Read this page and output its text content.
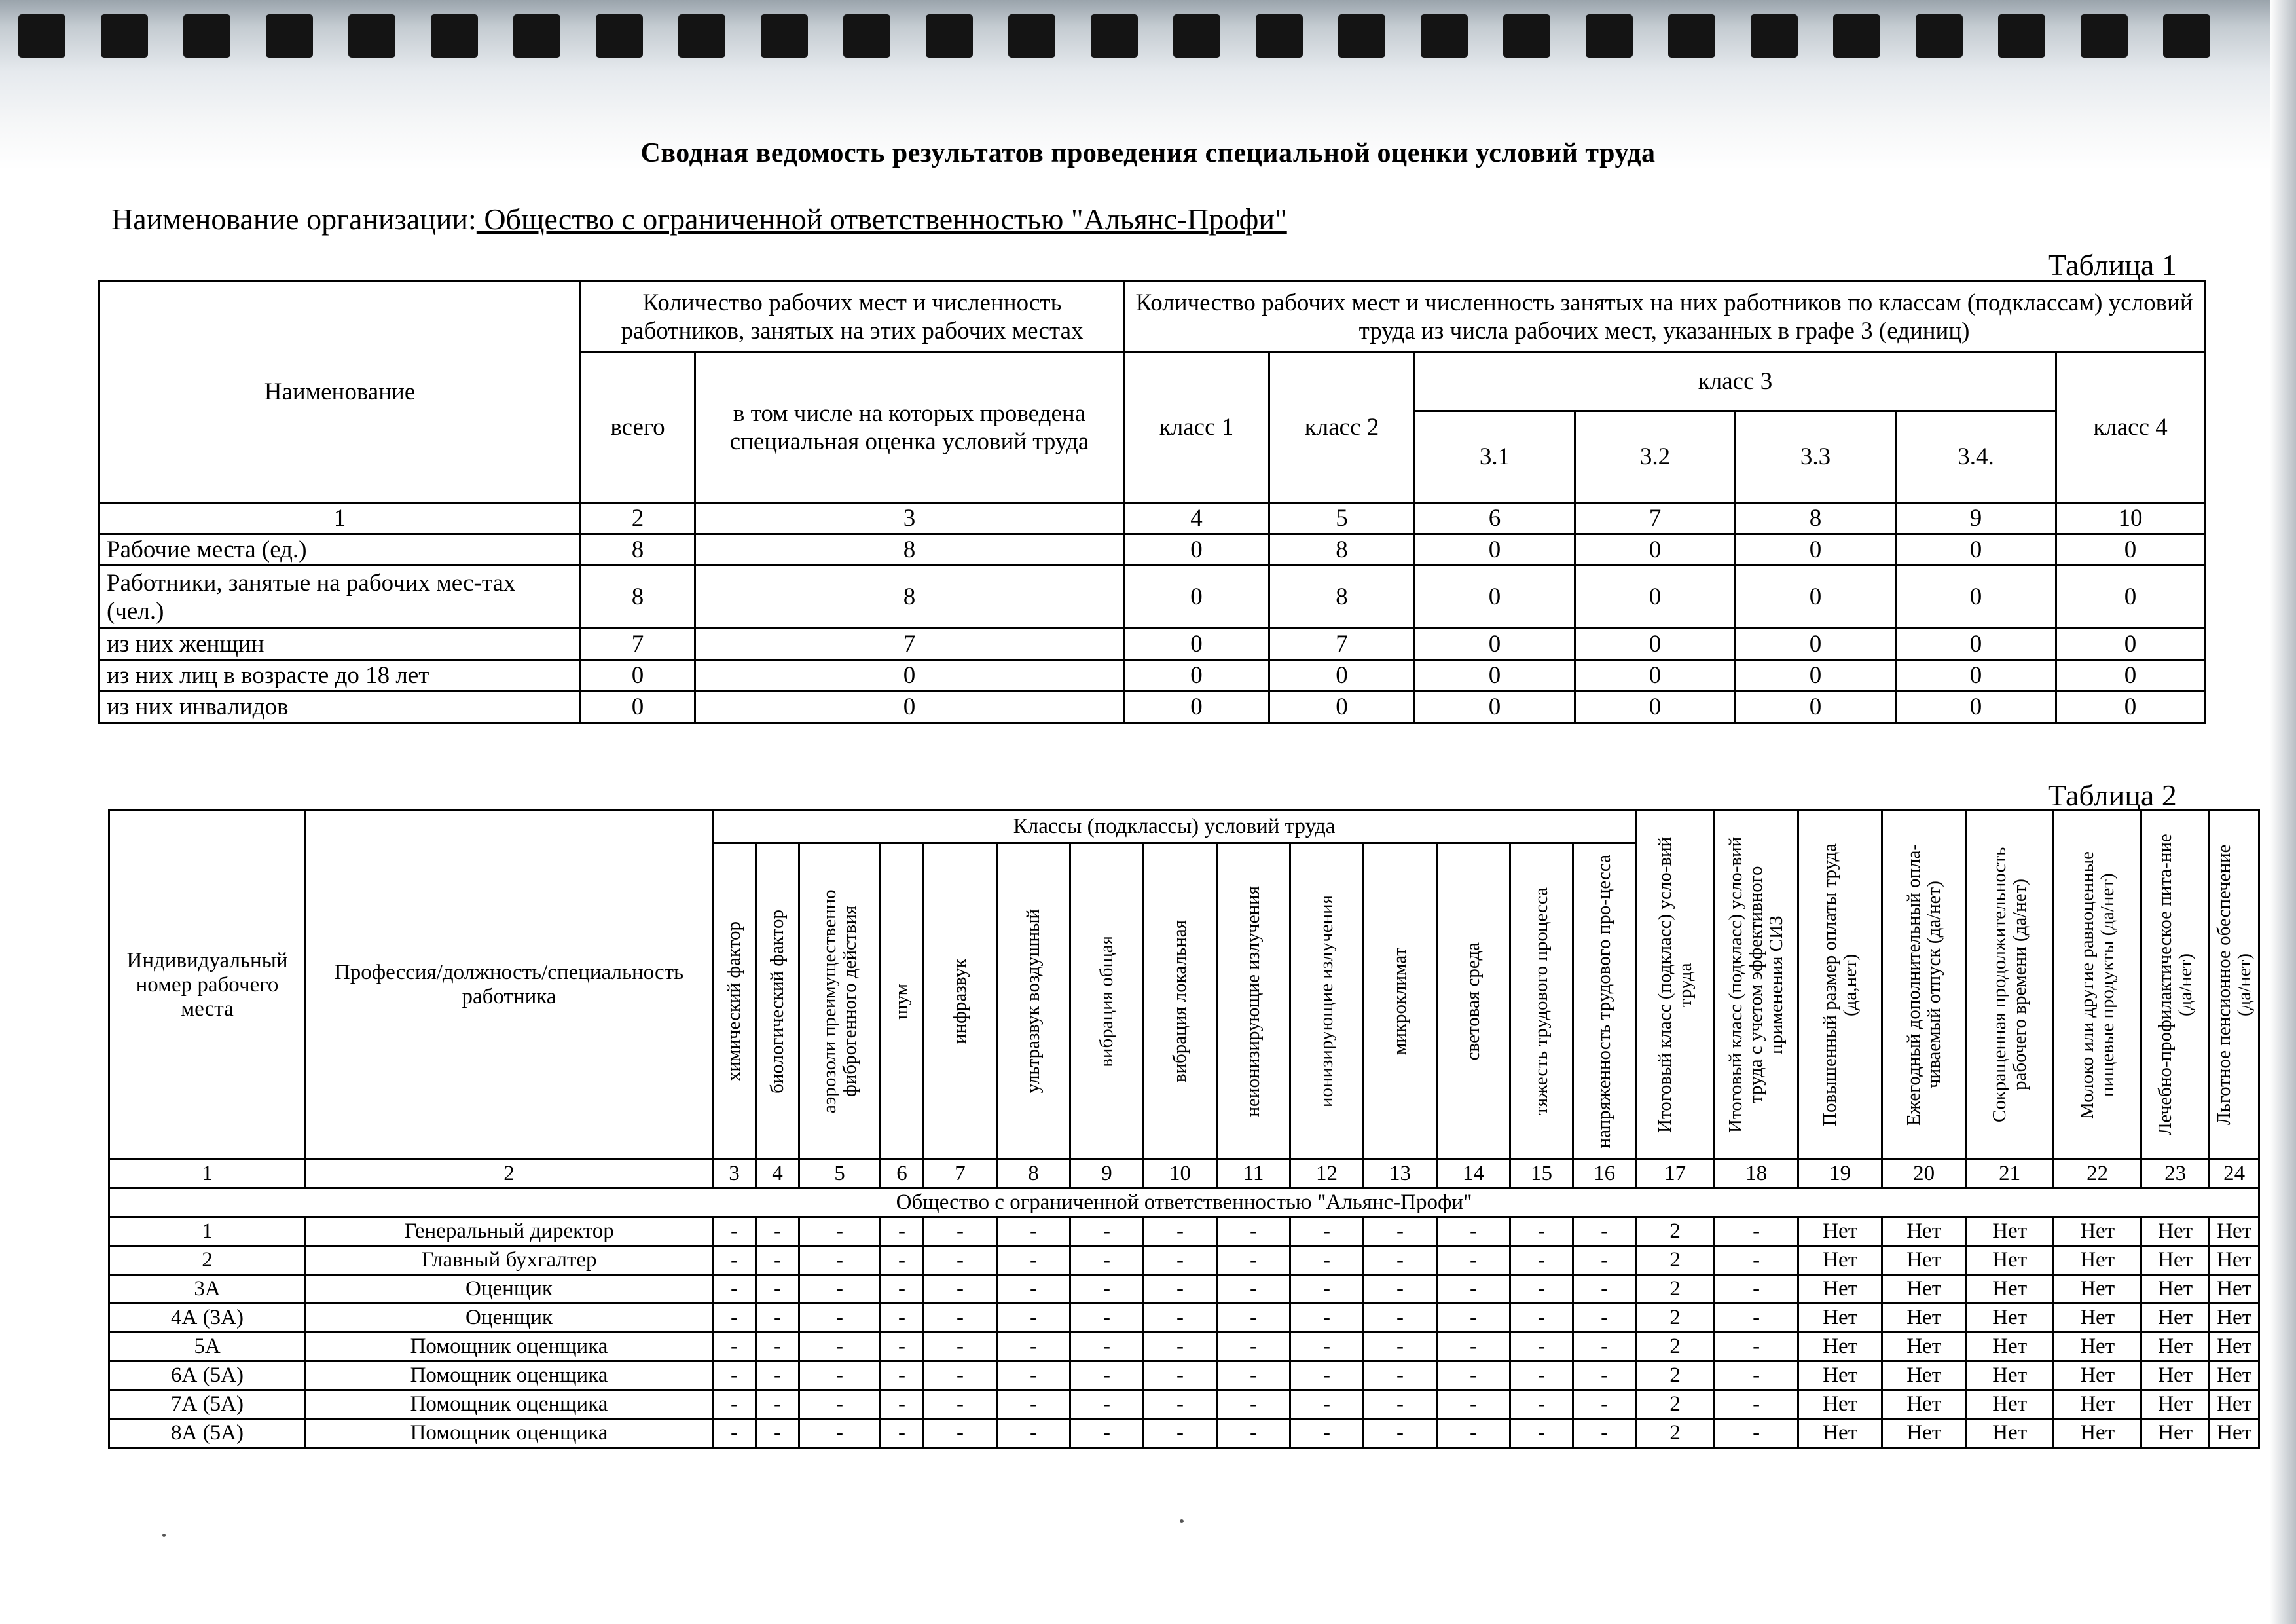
Сводная ведомость результатов проведения специальной оценки условий труда
Наименование организации: Общество с ограниченной ответственностью "Альянс-Профи"
Таблица 1
Наименование	Количество рабочих мест и численность работников, занятых на этих рабочих местах		Количество рабочих мест и численность занятых на них работников по классам (подклассам) условий труда из числа рабочих мест, указанных в графе 3 (единиц)						
	всего	в том числе на которых проведена специальная оценка условий труда	класс 1	класс 2	класс 3				класс 4
					3.1	3.2	3.3	3.4.	
1	2	3	4	5	6	7	8	9	10
Рабочие места (ед.)	8	8	0	8	0	0	0	0	0
Работники, занятые на рабочих мес-тах (чел.)	8	8	0	8	0	0	0	0	0
из них женщин	7	7	0	7	0	0	0	0	0
из них лиц в возрасте до 18 лет	0	0	0	0	0	0	0	0	0
из них инвалидов	0	0	0	0	0	0	0	0	0
Таблица 2
Индивидуальный номер рабочего места	Профессия/должность/специальность работника	Классы (подклассы) условий труда														Итоговый класс (подкласс) усло-вий труда	Итоговый класс (подкласс) усло-вий труда с учетом эффективного применения СИЗ	Повышенный размер оплаты труда (да,нет)	Ежегодный дополнительный опла-чиваемый отпуск (да/нет)	Сокращенная продолжительность рабочего времени (да/нет)	Молоко или другие равноценные пищевые продукты (да/нет)	Лечебно-профилактическое пита-ние (да/нет)	Льготное пенсионное обеспечение (да/нет)

		химический фактор	биологический фактор	аэрозоли преимущественно фиброгенного действия	шум	инфразвук	ультразвук воздушный	вибрация общая	вибрация локальная	неионизирующие излучения	ионизирующие излучения	микроклимат	световая среда	тяжесть трудового процесса	напряженность трудового про-цесса								

1	2	3	4	5	6	7	8	9	10	11	12	13	14	15	16	17	18	19	20	21	22	23	24
Общество с ограниченной ответственностью "Альянс-Профи"																							
1	Генеральный директор	-	-	-	-	-	-	-	-	-	-	-	-	-	-	2	-	Нет	Нет	Нет	Нет	Нет	Нет
2	Главный бухгалтер	-	-	-	-	-	-	-	-	-	-	-	-	-	-	2	-	Нет	Нет	Нет	Нет	Нет	Нет
3А	Оценщик	-	-	-	-	-	-	-	-	-	-	-	-	-	-	2	-	Нет	Нет	Нет	Нет	Нет	Нет
4А (3А)	Оценщик	-	-	-	-	-	-	-	-	-	-	-	-	-	-	2	-	Нет	Нет	Нет	Нет	Нет	Нет
5А	Помощник оценщика	-	-	-	-	-	-	-	-	-	-	-	-	-	-	2	-	Нет	Нет	Нет	Нет	Нет	Нет
6А (5А)	Помощник оценщика	-	-	-	-	-	-	-	-	-	-	-	-	-	-	2	-	Нет	Нет	Нет	Нет	Нет	Нет
7А (5А)	Помощник оценщика	-	-	-	-	-	-	-	-	-	-	-	-	-	-	2	-	Нет	Нет	Нет	Нет	Нет	Нет
8А (5А)	Помощник оценщика	-	-	-	-	-	-	-	-	-	-	-	-	-	-	2	-	Нет	Нет	Нет	Нет	Нет	Нет
